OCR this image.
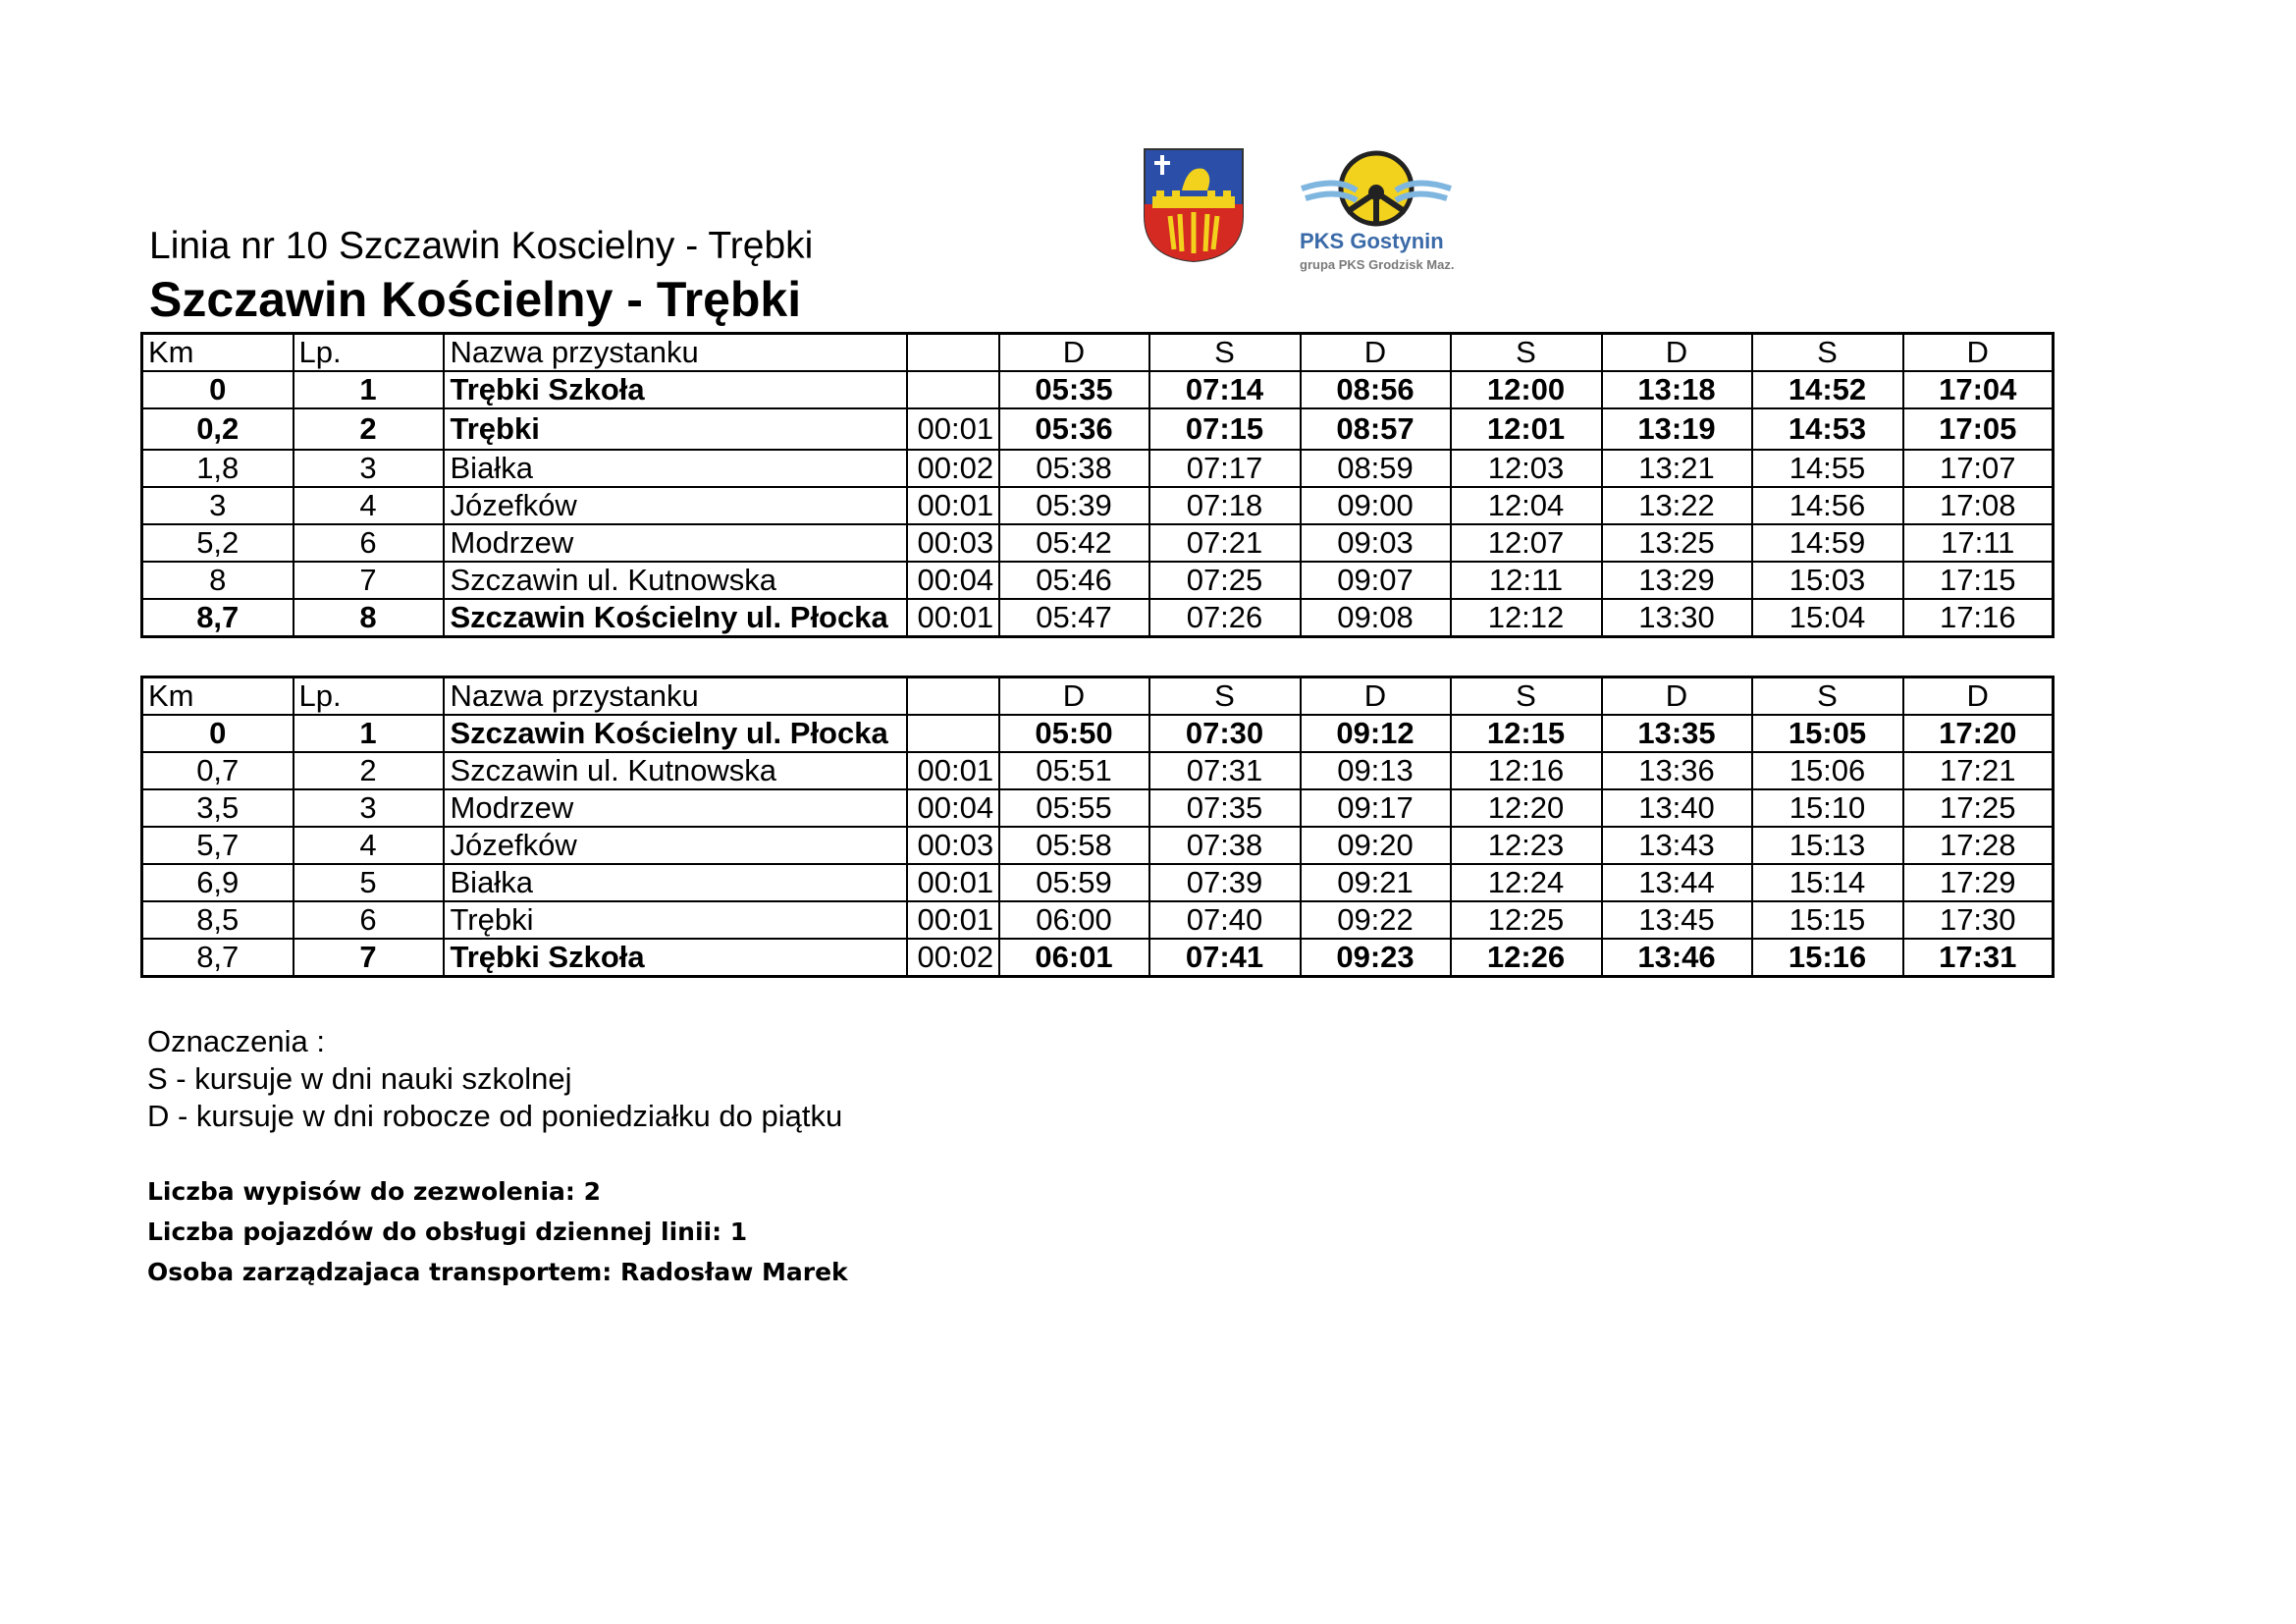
Linia nr 10 Szczawin Koscielny - Trębki
Szczawin Kościelny - Trębki
PKS Gostynin
grupa PKS Grodzisk Maz.
Km	Lp.	Nazwa przystanku		D	S	D	S	D	S	D
0	1	Trębki Szkoła		05:35	07:14	08:56	12:00	13:18	14:52	17:04
0,2	2	Trębki	00:01	05:36	07:15	08:57	12:01	13:19	14:53	17:05
1,8	3	Białka	00:02	05:38	07:17	08:59	12:03	13:21	14:55	17:07
3	4	Józefków	00:01	05:39	07:18	09:00	12:04	13:22	14:56	17:08
5,2	6	Modrzew	00:03	05:42	07:21	09:03	12:07	13:25	14:59	17:11
8	7	Szczawin ul. Kutnowska	00:04	05:46	07:25	09:07	12:11	13:29	15:03	17:15
8,7	8	Szczawin Kościelny ul. Płocka	00:01	05:47	07:26	09:08	12:12	13:30	15:04	17:16
Km	Lp.	Nazwa przystanku		D	S	D	S	D	S	D
0	1	Szczawin Kościelny ul. Płocka		05:50	07:30	09:12	12:15	13:35	15:05	17:20
0,7	2	Szczawin ul. Kutnowska	00:01	05:51	07:31	09:13	12:16	13:36	15:06	17:21
3,5	3	Modrzew	00:04	05:55	07:35	09:17	12:20	13:40	15:10	17:25
5,7	4	Józefków	00:03	05:58	07:38	09:20	12:23	13:43	15:13	17:28
6,9	5	Białka	00:01	05:59	07:39	09:21	12:24	13:44	15:14	17:29
8,5	6	Trębki	00:01	06:00	07:40	09:22	12:25	13:45	15:15	17:30
8,7	7	Trębki Szkoła	00:02	06:01	07:41	09:23	12:26	13:46	15:16	17:31
Oznaczenia :
S - kursuje w dni nauki szkolnej
D - kursuje w dni robocze od poniedziałku do piątku
Liczba wypisów do zezwolenia: 2
Liczba pojazdów do obsługi dziennej linii: 1
Osoba zarządzajaca transportem: Radosław Marek
